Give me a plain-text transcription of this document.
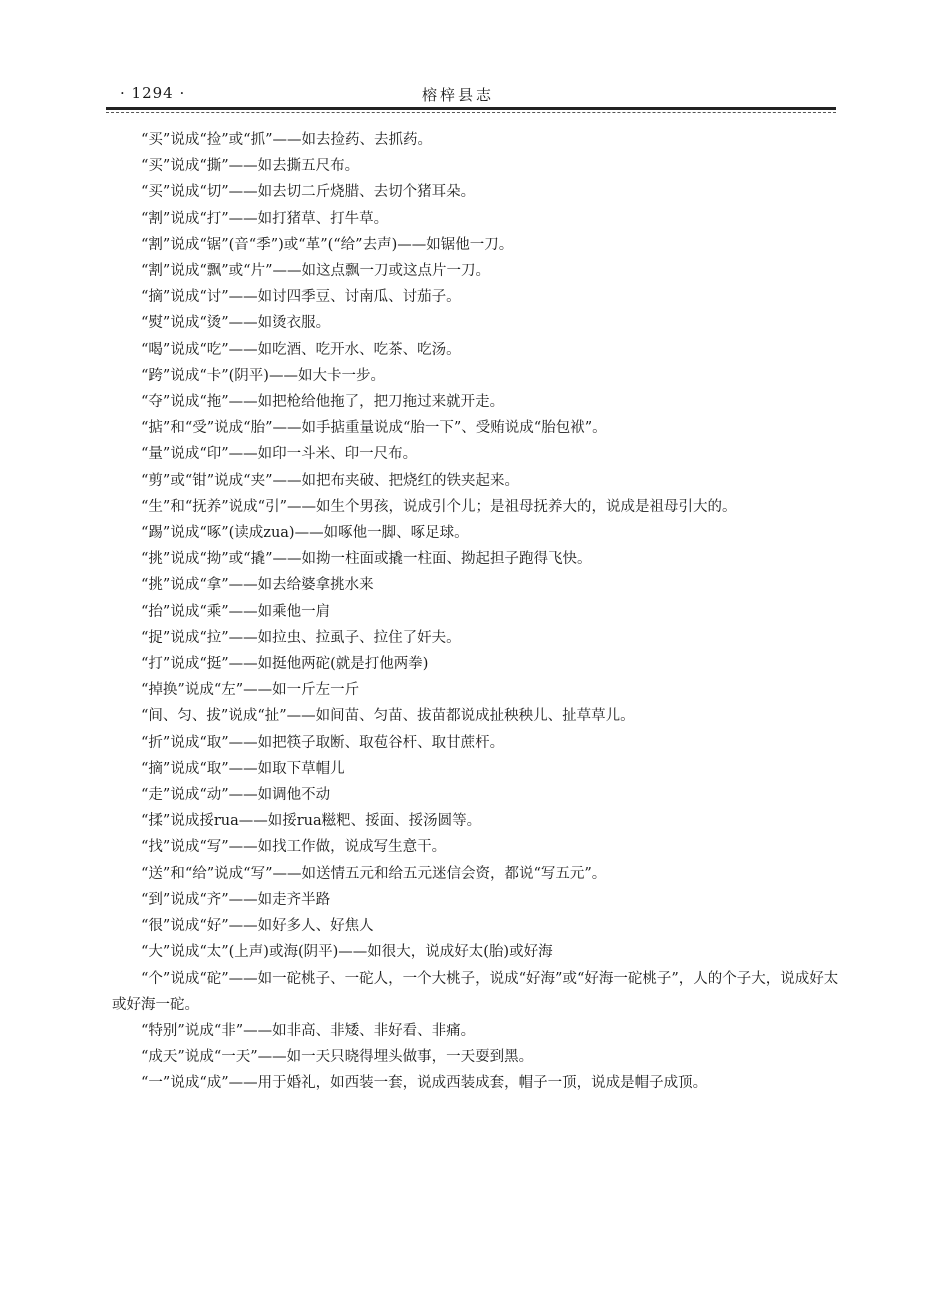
· 1294 ·	榕梓县志

“买”说成“捡”或“抓”——如去捡药、去抓药。

“买”说成“撕”——如去撕五尺布。

“买”说成“切”——如去切二斤烧腊、去切个猪耳朵。

“割”说成“打”——如打猪草、打牛草。

“割”说成“锯”(音“季”)或“革”(“给”去声)——如锯他一刀。

“割”说成“飘”或“片”——如这点飘一刀或这点片一刀。

“摘”说成“讨”——如讨四季豆、讨南瓜、讨茄子。

“熨”说成“烫”——如烫衣服。

“喝”说成“吃”——如吃酒、吃开水、吃茶、吃汤。

“跨”说成“卡”(阴平)——如大卡一步。

“夺”说成“拖”——如把枪给他拖了，把刀拖过来就开走。

“掂”和“受”说成“胎”——如手掂重量说成“胎一下”、受贿说成“胎包袱”。

“量”说成“印”——如印一斗米、印一尺布。

“剪”或“钳”说成“夹”——如把布夹破、把烧红的铁夹起来。

“生”和“抚养”说成“引”——如生个男孩，说成引个儿；是祖母抚养大的，说成是祖母引大的。

“踢”说成“啄”(读成zua)——如啄他一脚、啄足球。

“挑”说成“拗”或“撬”——如拗一柱面或撬一柱面、拗起担子跑得飞快。

“挑”说成“拿”——如去给婆拿挑水来

“抬”说成“乘”——如乘他一肩

“捉”说成“拉”——如拉虫、拉虱子、拉住了奸夫。

“打”说成“挺”——如挺他两砣(就是打他两拳)

“掉换”说成“左”——如一斤左一斤

“间、匀、拔”说成“扯”——如间苗、匀苗、拔苗都说成扯秧秧儿、扯草草儿。

“折”说成“取”——如把筷子取断、取苞谷杆、取甘蔗杆。

“摘”说成“取”——如取下草帽儿

“走”说成“动”——如调他不动

“揉”说成挼rua——如挼rua糍粑、挼面、挼汤圆等。

“找”说成“写”——如找工作做，说成写生意干。

“送”和“给”说成“写”——如送情五元和给五元迷信会资，都说“写五元”。

“到”说成“齐”——如走齐半路

“很”说成“好”——如好多人、好焦人

“大”说成“太”(上声)或海(阴平)——如很大，说成好太(胎)或好海

“个”说成“砣”——如一砣桃子、一砣人，一个大桃子，说成“好海”或“好海一砣桃子”，人的个子大，说成好太或好海一砣。

“特别”说成“非”——如非高、非矮、非好看、非痛。

“成天”说成“一天”——如一天只晓得埋头做事，一天耍到黑。

“一”说成“成”——用于婚礼，如西装一套，说成西装成套，帽子一顶，说成是帽子成顶。
